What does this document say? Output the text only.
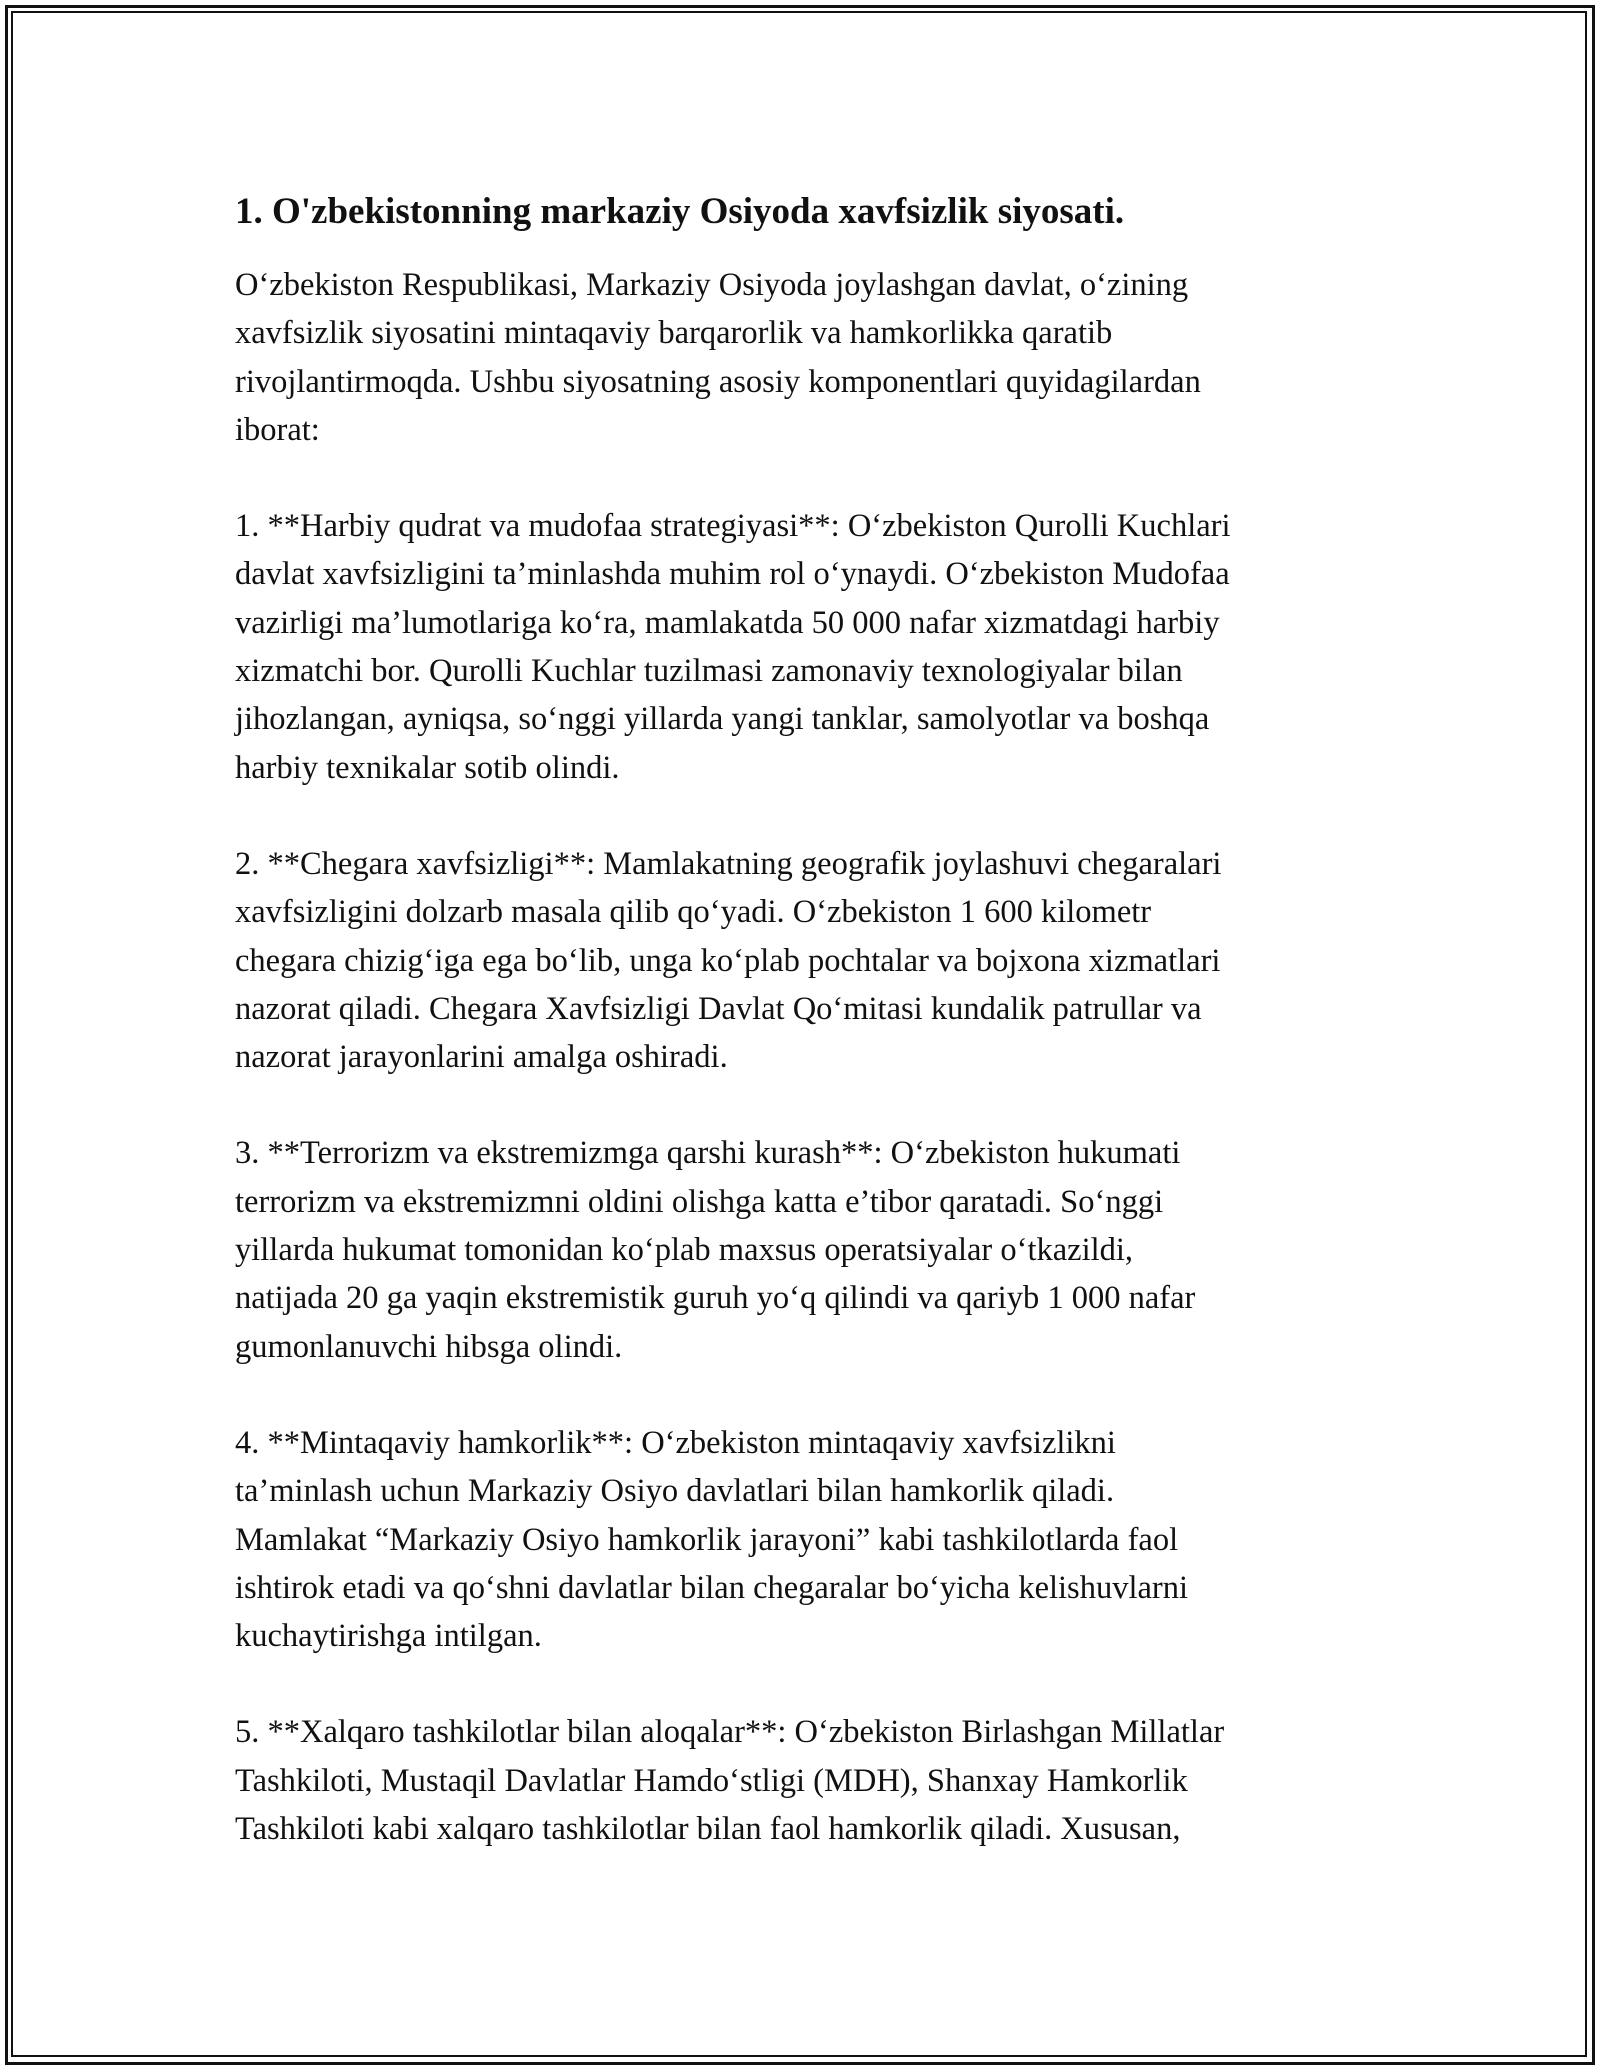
1. O'zbekistonning markaziy Osiyoda xavfsizlik siyosati.

O‘zbekiston Respublikasi, Markaziy Osiyoda joylashgan davlat, o‘zining
xavfsizlik siyosatini mintaqaviy barqarorlik va hamkorlikka qaratib
rivojlantirmoqda. Ushbu siyosatning asosiy komponentlari quyidagilardan
iborat:

1. **Harbiy qudrat va mudofaa strategiyasi**: O‘zbekiston Qurolli Kuchlari
davlat xavfsizligini ta’minlashda muhim rol o‘ynaydi. O‘zbekiston Mudofaa
vazirligi ma’lumotlariga ko‘ra, mamlakatda 50 000 nafar xizmatdagi harbiy
xizmatchi bor. Qurolli Kuchlar tuzilmasi zamonaviy texnologiyalar bilan
jihozlangan, ayniqsa, so‘nggi yillarda yangi tanklar, samolyotlar va boshqa
harbiy texnikalar sotib olindi.

2. **Chegara xavfsizligi**: Mamlakatning geografik joylashuvi chegaralari
xavfsizligini dolzarb masala qilib qo‘yadi. O‘zbekiston 1 600 kilometr
chegara chizig‘iga ega bo‘lib, unga ko‘plab pochtalar va bojxona xizmatlari
nazorat qiladi. Chegara Xavfsizligi Davlat Qo‘mitasi kundalik patrullar va
nazorat jarayonlarini amalga oshiradi.

3. **Terrorizm va ekstremizmga qarshi kurash**: O‘zbekiston hukumati
terrorizm va ekstremizmni oldini olishga katta e’tibor qaratadi. So‘nggi
yillarda hukumat tomonidan ko‘plab maxsus operatsiyalar o‘tkazildi,
natijada 20 ga yaqin ekstremistik guruh yo‘q qilindi va qariyb 1 000 nafar
gumonlanuvchi hibsga olindi.

4. **Mintaqaviy hamkorlik**: O‘zbekiston mintaqaviy xavfsizlikni
ta’minlash uchun Markaziy Osiyo davlatlari bilan hamkorlik qiladi.
Mamlakat “Markaziy Osiyo hamkorlik jarayoni” kabi tashkilotlarda faol
ishtirok etadi va qo‘shni davlatlar bilan chegaralar bo‘yicha kelishuvlarni
kuchaytirishga intilgan.

5. **Xalqaro tashkilotlar bilan aloqalar**: O‘zbekiston Birlashgan Millatlar
Tashkiloti, Mustaqil Davlatlar Hamdo‘stligi (MDH), Shanxay Hamkorlik
Tashkiloti kabi xalqaro tashkilotlar bilan faol hamkorlik qiladi. Xususan,
